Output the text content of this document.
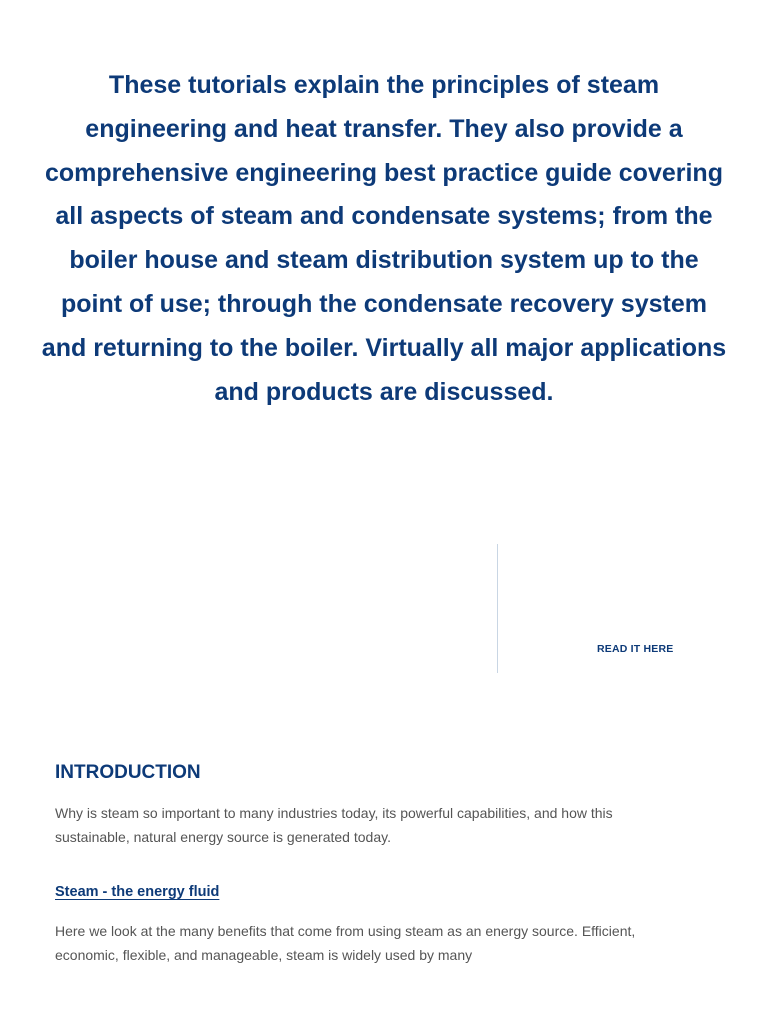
These tutorials explain the principles of steam engineering and heat transfer. They also provide a comprehensive engineering best practice guide covering all aspects of steam and condensate systems; from the boiler house and steam distribution system up to the point of use; through the condensate recovery system and returning to the boiler. Virtually all major applications and products are discussed.

READ IT HERE
INTRODUCTION

Why is steam so important to many industries today, its powerful capabilities, and how this sustainable, natural energy source is generated today.

Steam - the energy fluid

Here we look at the many benefits that come from using steam as an energy source. Efficient, economic, flexible, and manageable, steam is widely used by many
